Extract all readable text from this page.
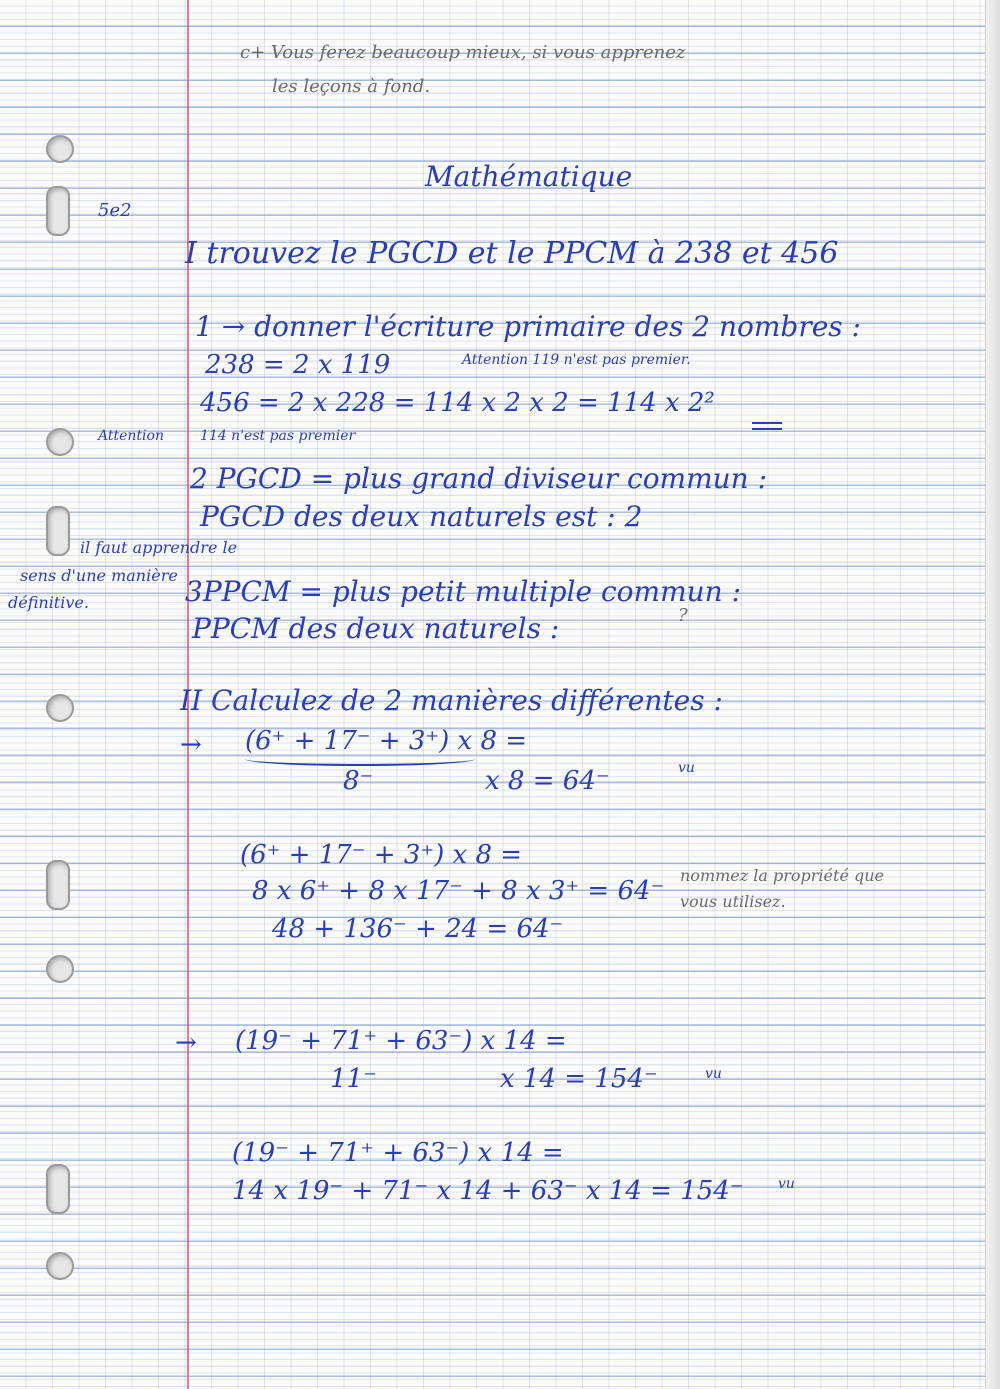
c+ Vous ferez beaucoup mieux, si vous apprenez
les leçons à fond.
Mathématique
5e2
I trouvez le PGCD et le PPCM à 238 et 456
1 → donner l'écriture primaire des 2 nombres :
238 = 2 x 119	Attention 119 n'est pas premier.
456 = 2 x 228 = 114 x 2 x 2 = 114 x 2²
Attention	114 n'est pas premier
2 PGCD = plus grand diviseur commun :
PGCD des deux naturels est : 2
il faut apprendre le
sens d'une manière
définitive.	3PPCM = plus petit multiple commun :
PPCM des deux naturels :	?
II Calculez de 2 manières différentes :
→ (6⁺ + 17⁻ + 3⁺) x 8 =
8⁻	x 8 = 64⁻	vu
(6⁺ + 17⁻ + 3⁺) x 8 =
8 x 6⁺ + 8 x 17⁻ + 8 x 3⁺ = 64⁻
48 + 136⁻ + 24 = 64⁻
nommez la propriété que
vous utilisez.
→ (19⁻ + 71⁺ + 63⁻) x 14 =
11⁻	x 14 = 154⁻	vu
(19⁻ + 71⁺ + 63⁻) x 14 =
14 x 19⁻ + 71⁻ x 14 + 63⁻ x 14 = 154⁻ vu
